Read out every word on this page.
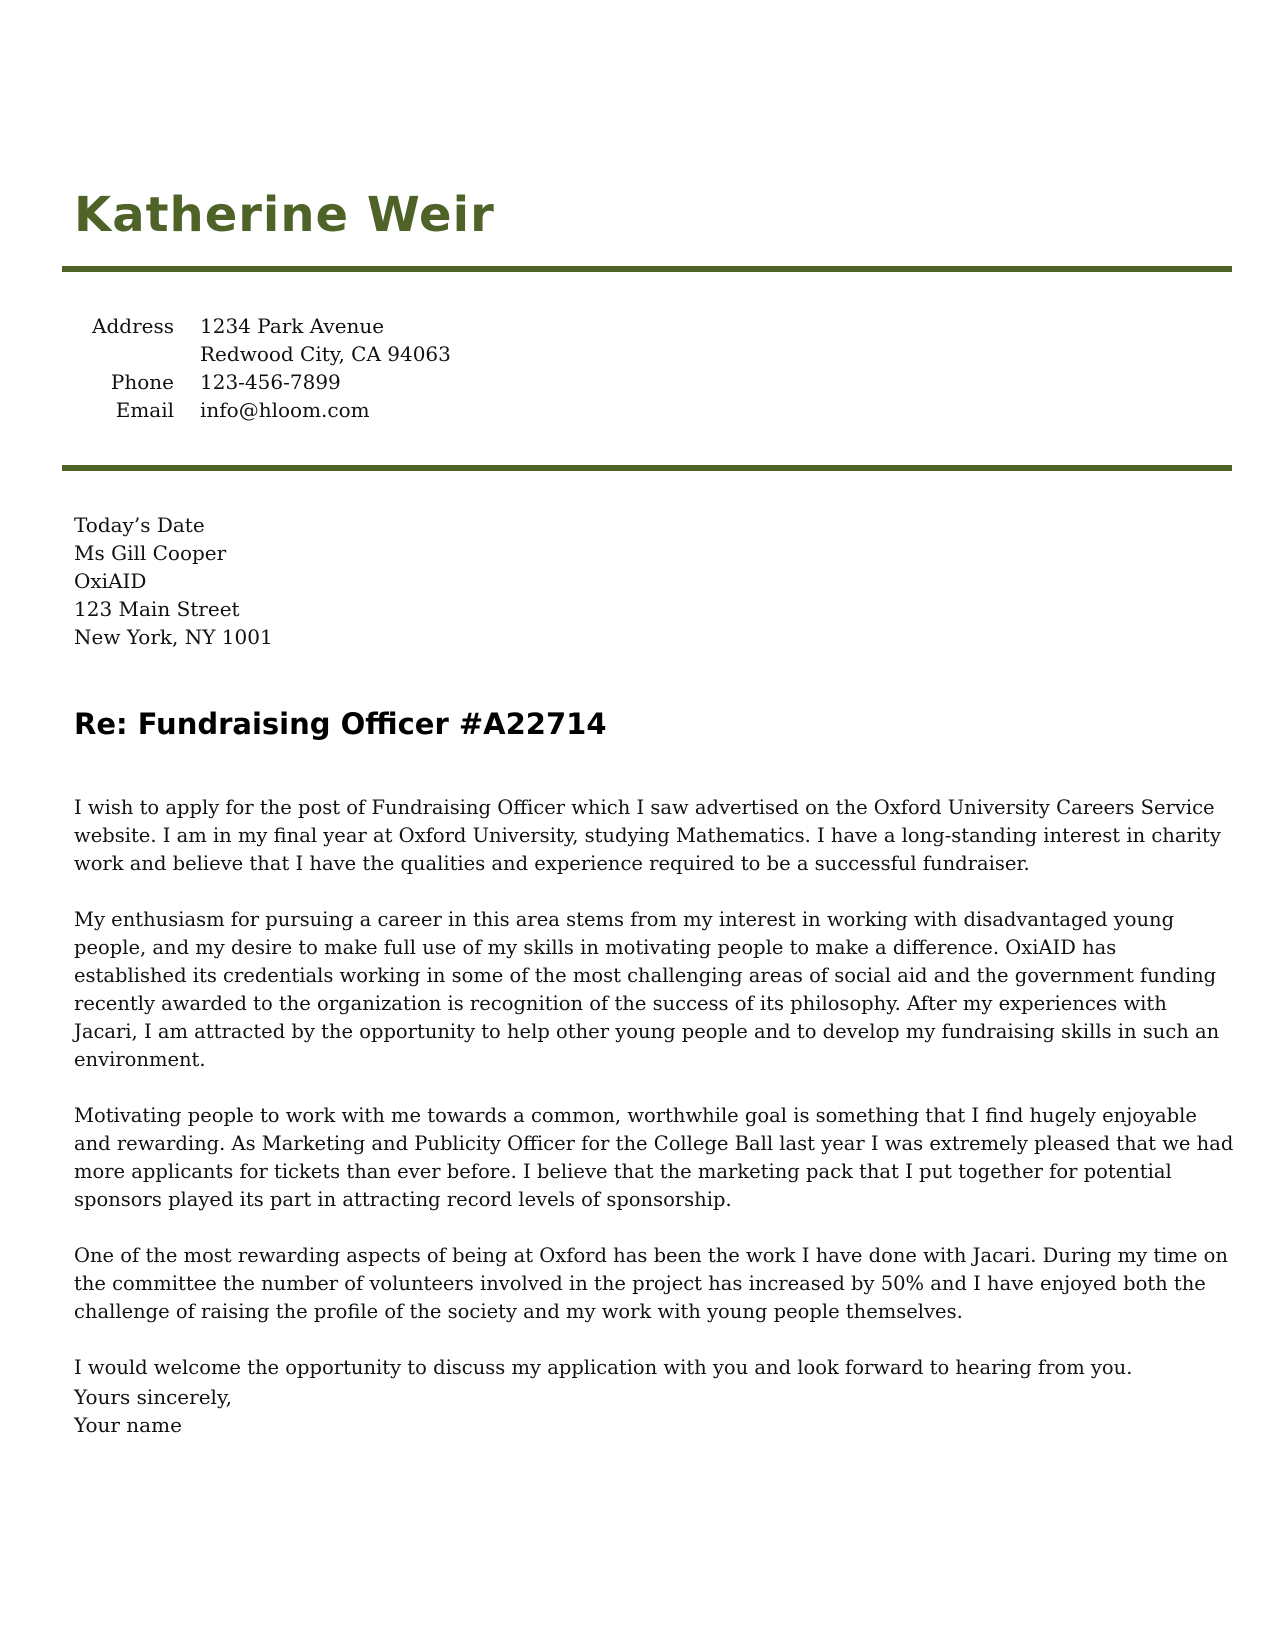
Katherine Weir
Address	1234 Park Avenue
Redwood City, CA 94063
Phone	123-456-7899
Email	info@hloom.com
Today’s Date
Ms Gill Cooper
OxiAID
123 Main Street
New York, NY 1001
Re: Fundraising Officer #A22714

I wish to apply for the post of Fundraising Officer which I saw advertised on the Oxford University Careers Service website. I am in my final year at Oxford University, studying Mathematics. I have a long-standing interest in charity work and believe that I have the qualities and experience required to be a successful fundraiser.

My enthusiasm for pursuing a career in this area stems from my interest in working with disadvantaged young people, and my desire to make full use of my skills in motivating people to make a difference. OxiAID has established its credentials working in some of the most challenging areas of social aid and the government funding recently awarded to the organization is recognition of the success of its philosophy. After my experiences with Jacari, I am attracted by the opportunity to help other young people and to develop my fundraising skills in such an environment.

Motivating people to work with me towards a common, worthwhile goal is something that I find hugely enjoyable and rewarding. As Marketing and Publicity Officer for the College Ball last year I was extremely pleased that we had more applicants for tickets than ever before. I believe that the marketing pack that I put together for potential sponsors played its part in attracting record levels of sponsorship.

One of the most rewarding aspects of being at Oxford has been the work I have done with Jacari. During my time on the committee the number of volunteers involved in the project has increased by 50% and I have enjoyed both the challenge of raising the profile of the society and my work with young people themselves.

I would welcome the opportunity to discuss my application with you and look forward to hearing from you.

Yours sincerely,
Your name
